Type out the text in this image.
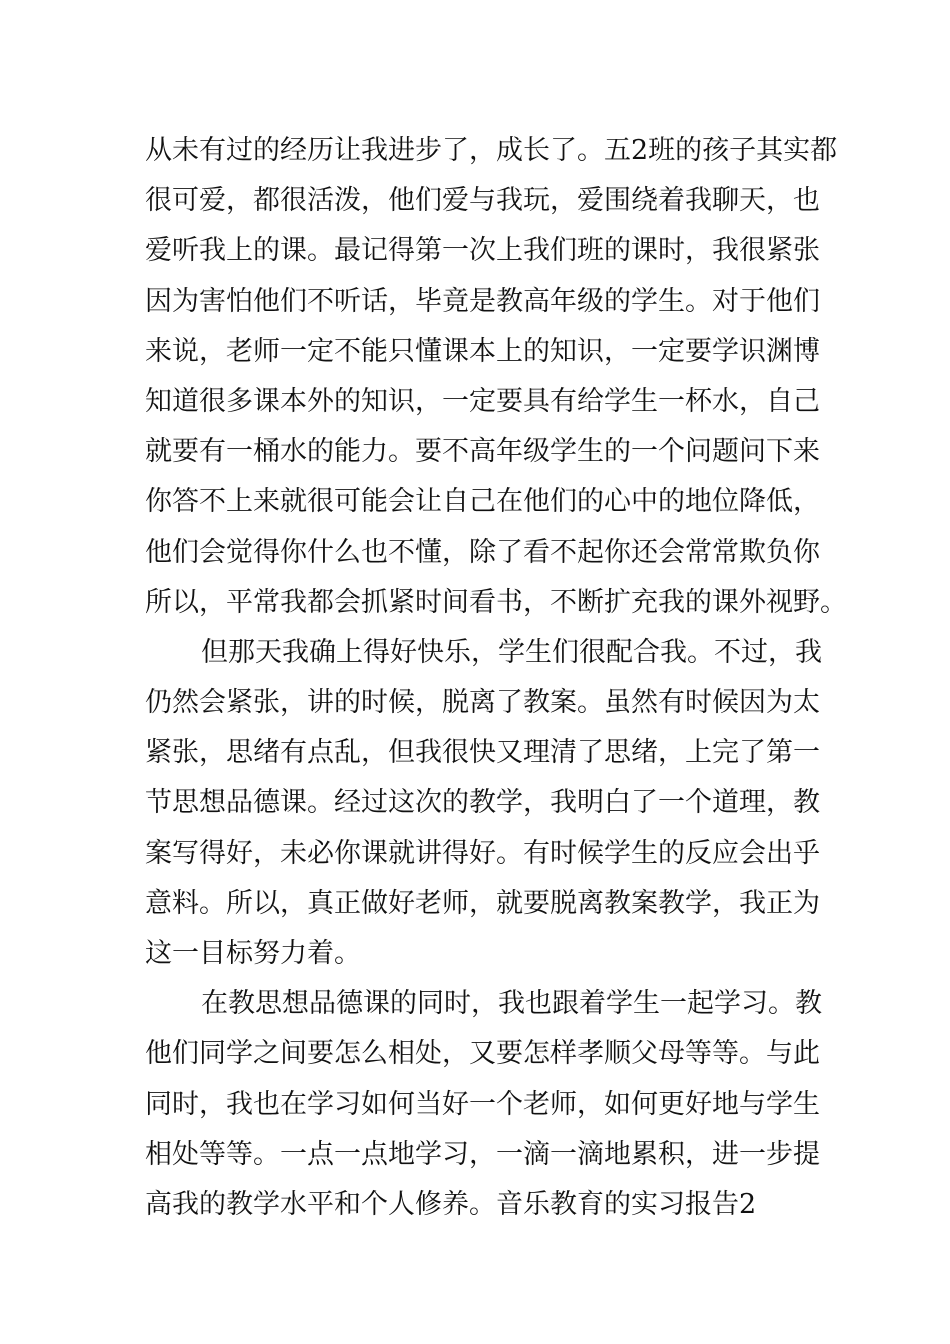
从未有过的经历让我进步了，成长了。五2班的孩子其实都
很可爱，都很活泼，他们爱与我玩，爱围绕着我聊天，也
爱听我上的课。最记得第一次上我们班的课时，我很紧张
因为害怕他们不听话，毕竟是教高年级的学生。对于他们
来说，老师一定不能只懂课本上的知识，一定要学识渊博
知道很多课本外的知识，一定要具有给学生一杯水，自己
就要有一桶水的能力。要不高年级学生的一个问题问下来
你答不上来就很可能会让自己在他们的心中的地位降低，
他们会觉得你什么也不懂，除了看不起你还会常常欺负你
所以，平常我都会抓紧时间看书，不断扩充我的课外视野。
但那天我确上得好快乐，学生们很配合我。不过，我
仍然会紧张，讲的时候，脱离了教案。虽然有时候因为太
紧张，思绪有点乱，但我很快又理清了思绪，上完了第一
节思想品德课。经过这次的教学，我明白了一个道理，教
案写得好，未必你课就讲得好。有时候学生的反应会出乎
意料。所以，真正做好老师，就要脱离教案教学，我正为
这一目标努力着。
在教思想品德课的同时，我也跟着学生一起学习。教
他们同学之间要怎么相处，又要怎样孝顺父母等等。与此
同时，我也在学习如何当好一个老师，如何更好地与学生
相处等等。一点一点地学习，一滴一滴地累积，进一步提
高我的教学水平和个人修养。音乐教育的实习报告2
